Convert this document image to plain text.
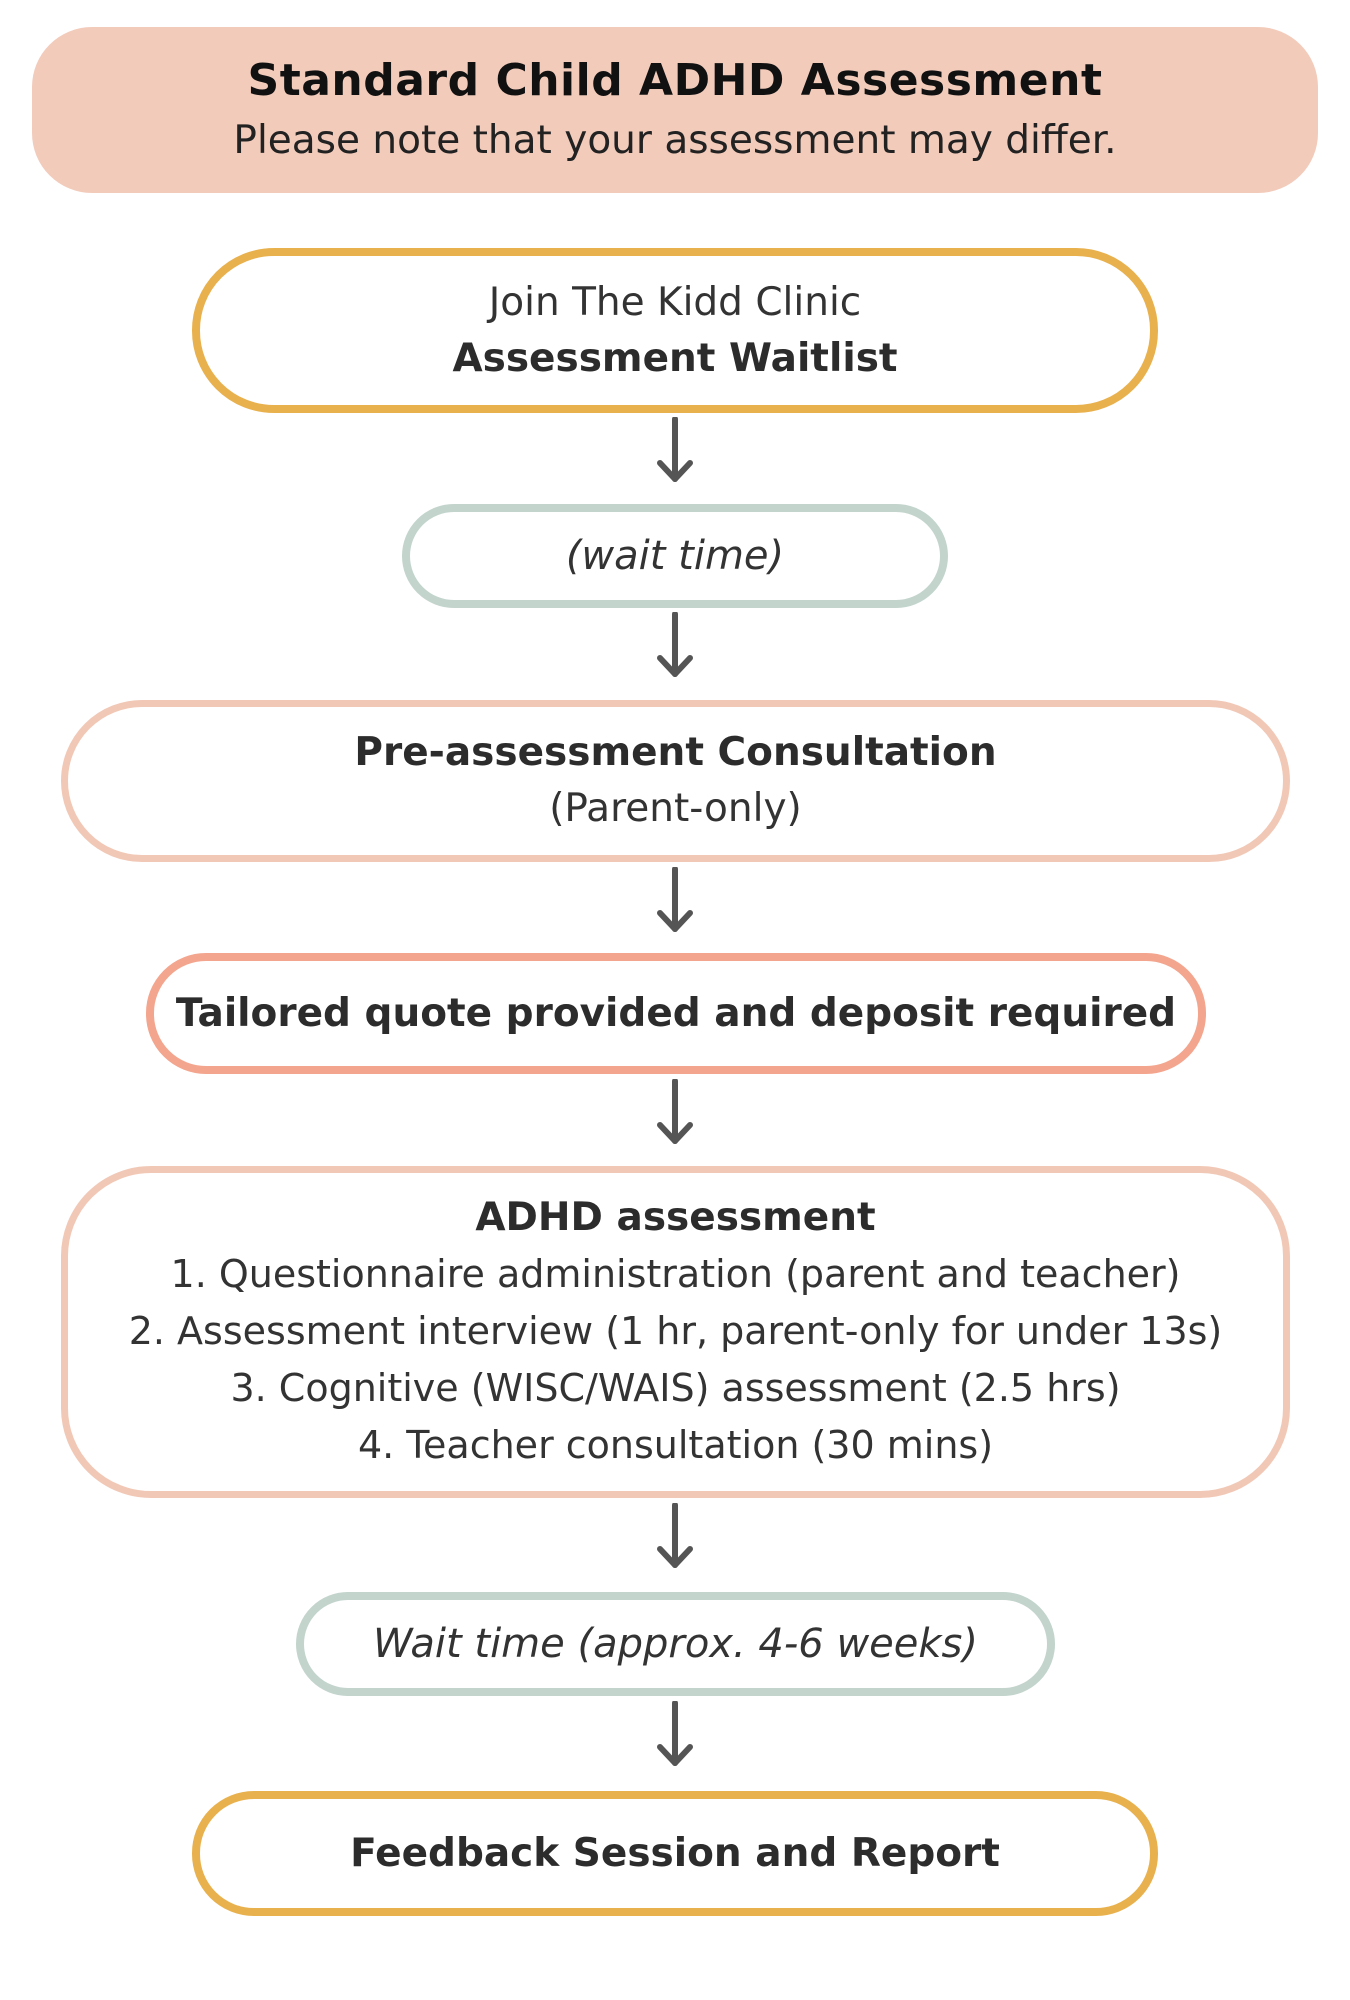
Standard Child ADHD Assessment
Please note that your assessment may differ.
Join The Kidd Clinic
Assessment Waitlist
(wait time)
Pre-assessment Consultation
(Parent-only)
Tailored quote provided and deposit required
ADHD assessment
1. Questionnaire administration (parent and teacher)
2. Assessment interview (1 hr, parent-only for under 13s)
3. Cognitive (WISC/WAIS) assessment (2.5 hrs)
4. Teacher consultation (30 mins)
Wait time (approx. 4-6 weeks)
Feedback Session and Report
